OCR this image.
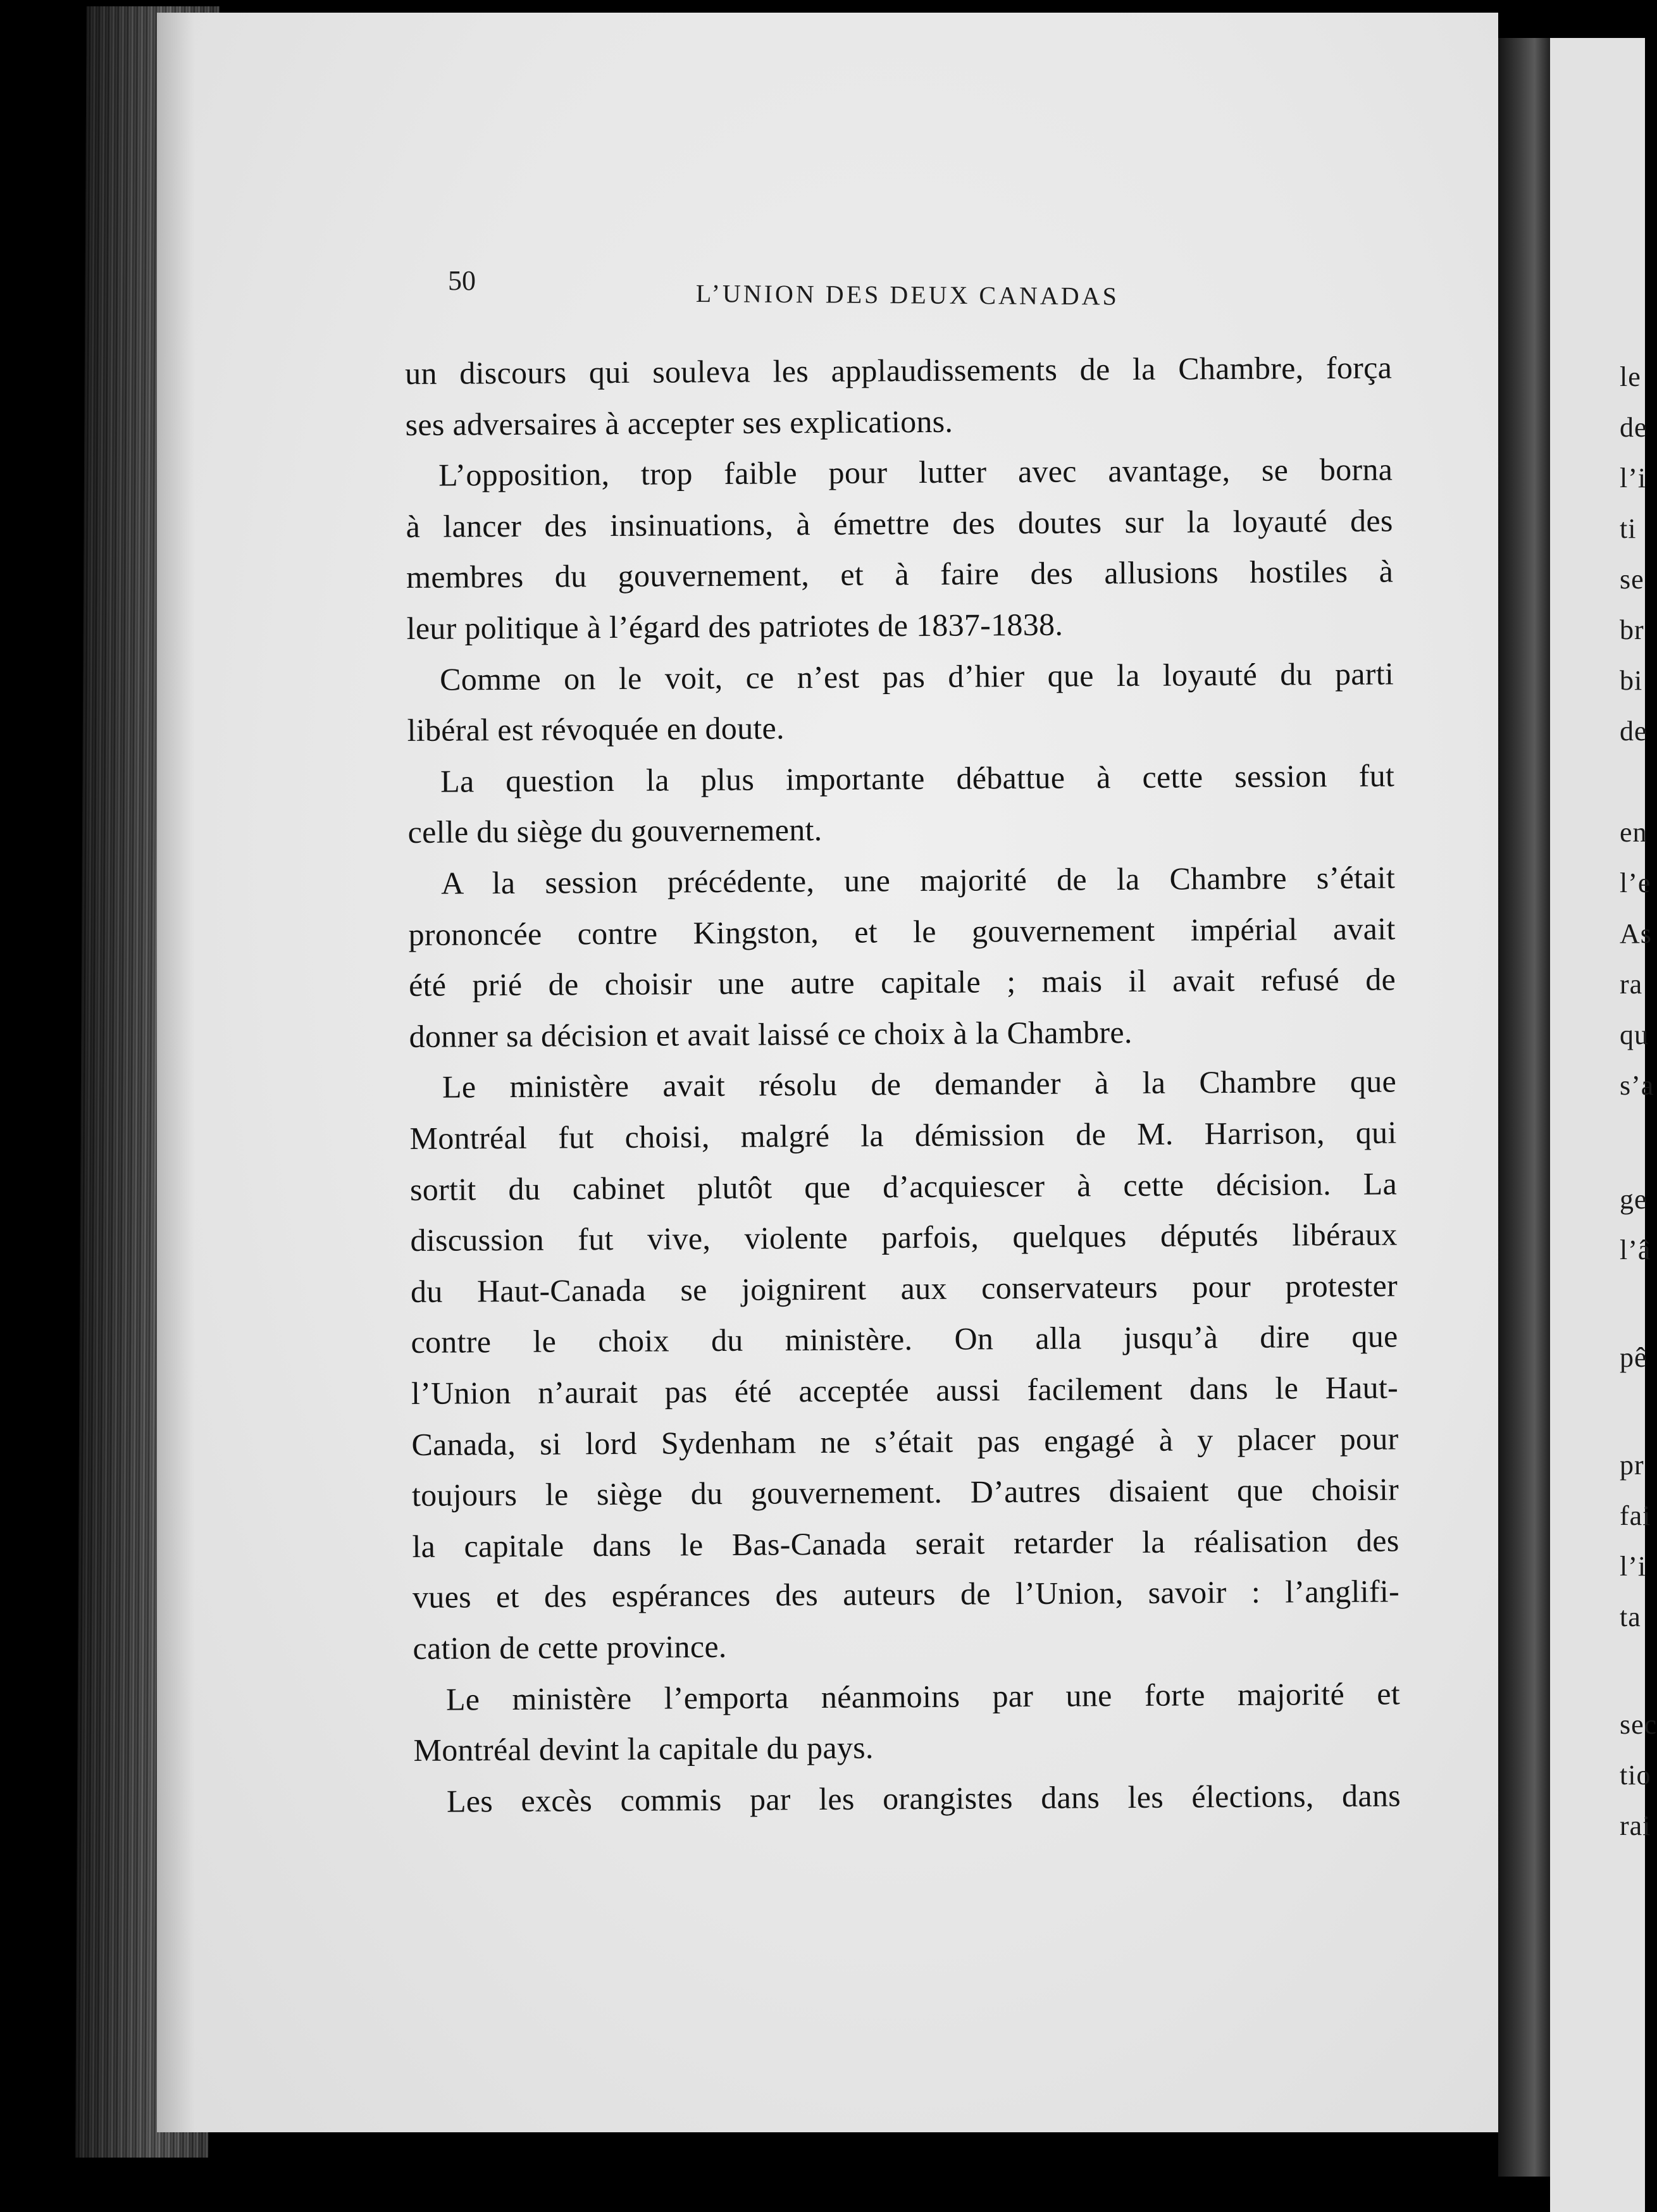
le
de
l’i
ti
se
br
bi
de
en
l’e
As
ra
qu
s’a
ge
l’â
pê
pr
fai
l’i
ta
sec
tio
rai
50	L’UNION DES DEUX CANADAS
un discours qui souleva les applaudissements de la Chambre, força
ses adversaires à accepter ses explications.
L’opposition, trop faible pour lutter avec avantage, se borna
à lancer des insinuations, à émettre des doutes sur la loyauté des
membres du gouvernement, et à faire des allusions hostiles à
leur politique à l’égard des patriotes de 1837-1838.
Comme on le voit, ce n’est pas d’hier que la loyauté du parti
libéral est révoquée en doute.
La question la plus importante débattue à cette session fut
celle du siège du gouvernement.
A la session précédente, une majorité de la Chambre s’était
prononcée contre Kingston, et le gouvernement impérial avait
été prié de choisir une autre capitale ; mais il avait refusé de
donner sa décision et avait laissé ce choix à la Chambre.
Le ministère avait résolu de demander à la Chambre que
Montréal fut choisi, malgré la démission de M. Harrison, qui
sortit du cabinet plutôt que d’acquiescer à cette décision. La
discussion fut vive, violente parfois, quelques députés libéraux
du Haut-Canada se joignirent aux conservateurs pour protester
contre le choix du ministère. On alla jusqu’à dire que
l’Union n’aurait pas été acceptée aussi facilement dans le Haut-
Canada, si lord Sydenham ne s’était pas engagé à y placer pour
toujours le siège du gouvernement. D’autres disaient que choisir
la capitale dans le Bas-Canada serait retarder la réalisation des
vues et des espérances des auteurs de l’Union, savoir : l’anglifi-
cation de cette province.
Le ministère l’emporta néanmoins par une forte majorité et
Montréal devint la capitale du pays.
Les excès commis par les orangistes dans les élections, dans
